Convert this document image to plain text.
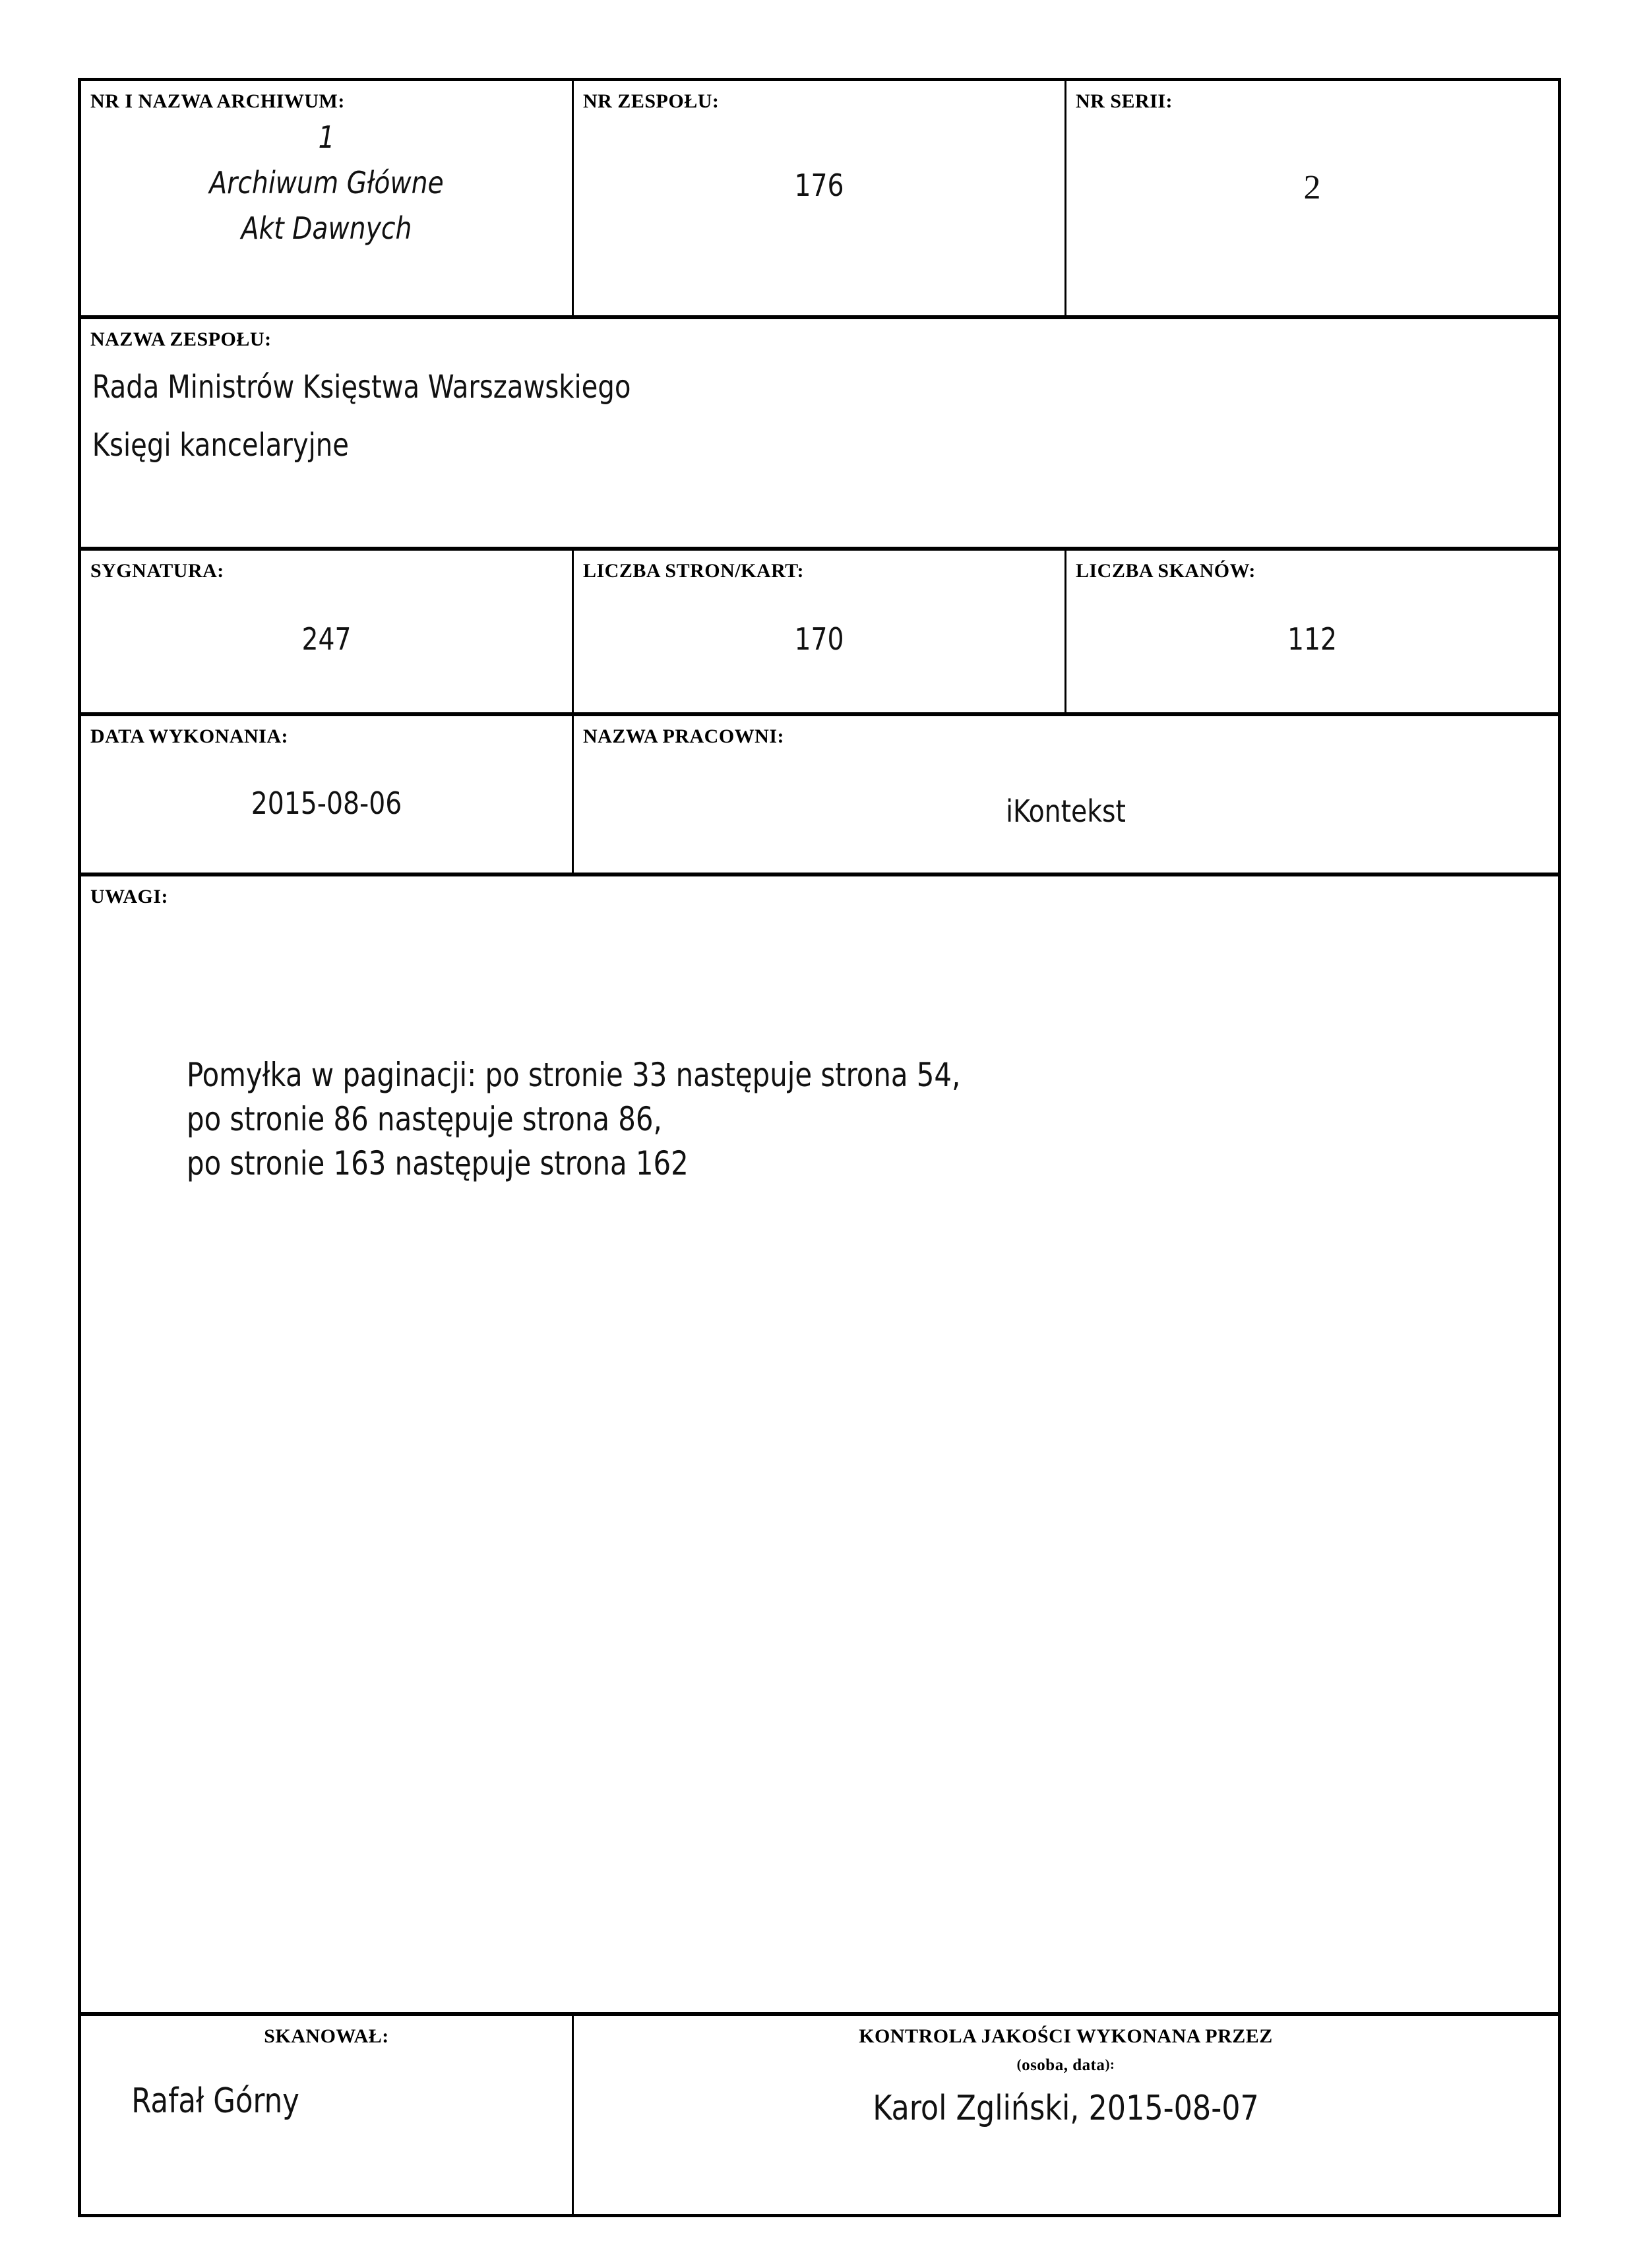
NR I NAZWA ARCHIWUM:
1
Archiwum Główne
Akt Dawnych	NR ZESPOŁU:
176	NR SERII:
2

NAZWA ZESPOŁU:
Rada Ministrów Księstwa Warszawskiego
Księgi kancelaryjne		

SYGNATURA:
247	LICZBA STRON/KART:
170	LICZBA SKANÓW:
112

DATA WYKONANIA:
2015-08-06	NAZWA PRACOWNI:
iKontekst	

UWAGI:
Pomyłka w paginacji: po stronie 33 następuje strona 54,
po stronie 86 następuje strona 86,
po stronie 163 następuje strona 162		

SKANOWAŁ:
Rafał Górny	KONTROLA JAKOŚCI WYKONANA PRZEZ
(osoba, data):
Karol Zgliński, 2015-08-07	
